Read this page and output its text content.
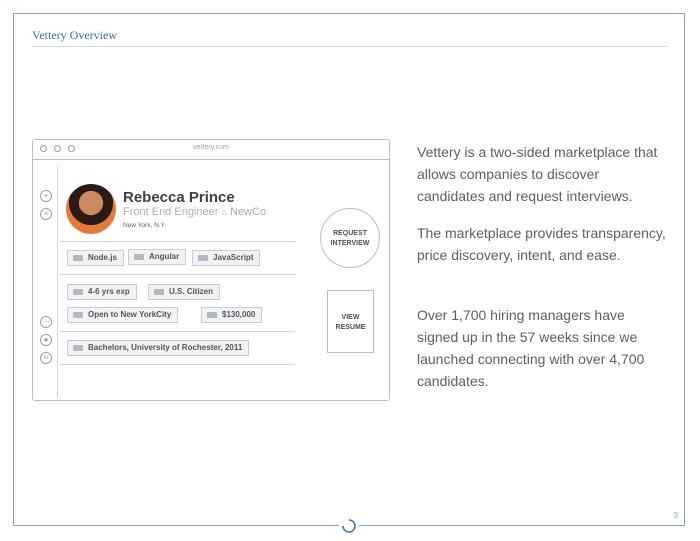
Vettery Overview
vettery.com
+
×
⋯
●
in
Rebecca Prince
Front End Engineer ⌂ NewCo
New York, N.Y.
Node.js	Angular	JavaScript
4-6 yrs exp	U.S. Citizen
Open to New YorkCity	$130,000
Bachelors, University of Rochester, 2011
REQUEST
INTERVIEW
VIEW
RESUME
Vettery is a two-sided marketplace that allows companies to discover candidates and request interviews.
The marketplace provides transparency, price discovery, intent, and ease.
Over 1,700 hiring managers have signed up in the 57 weeks since we launched connecting with over 4,700 candidates.
3
